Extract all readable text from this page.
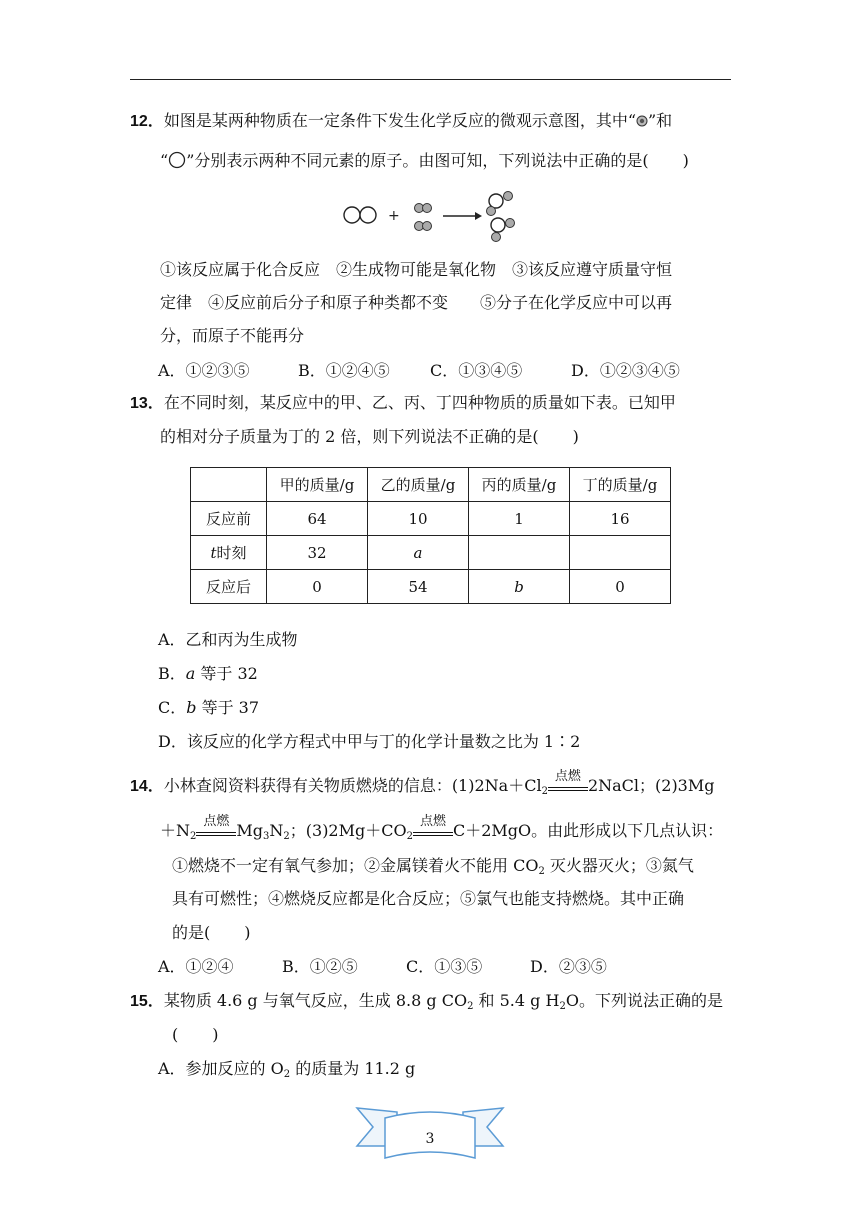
12．如图是某两种物质在一定条件下发生化学反应的微观示意图，其中“ ”和
“ ”分别表示两种不同元素的原子。由图可知，下列说法中正确的是( )
+
①该反应属于化合反应　②生成物可能是氧化物　③该反应遵守质量守恒
定律　④反应前后分子和原子种类都不变　　⑤分子在化学反应中可以再
分，而原子不能再分
A．①②③⑤	B．①②④⑤	C．①③④⑤	D．①②③④⑤
13．在不同时刻，某反应中的甲、乙、丙、丁四种物质的质量如下表。已知甲
的相对分子质量为丁的 2 倍，则下列说法不正确的是( )
	甲的质量/g	乙的质量/g	丙的质量/g	丁的质量/g
反应前	64	10	1	16
t时刻	32	a		
反应后	0	54	b	0
A．乙和丙为生成物
B．a 等于 32
C．b 等于 37
D．该反应的化学方程式中甲与丁的化学计量数之比为 1∶2
14．小林查阅资料获得有关物质燃烧的信息：$(1)2Na+Cl_2$
点燃 2NaCl；(2)3Mg
$+N_2$
点燃 $Mg_3N_2$；$(3)2Mg+CO_2$
点燃 C＋2MgO。由此形成以下几点认识：
①燃烧不一定有氧气参加；②金属镁着火不能用 $CO_2$ 灭火器灭火；③氮气
具有可燃性；④燃烧反应都是化合反应；⑤氯气也能支持燃烧。其中正确
的是( )
A．①②④	B．①②⑤	C．①③⑤	D．②③⑤
15．某物质 4.6 g 与氧气反应，生成 8.8 g $CO_2$ 和 5.4 g $H_2O$。下列说法正确的是
( )
A．参加反应的 $O_2$ 的质量为 11.2 g
3
